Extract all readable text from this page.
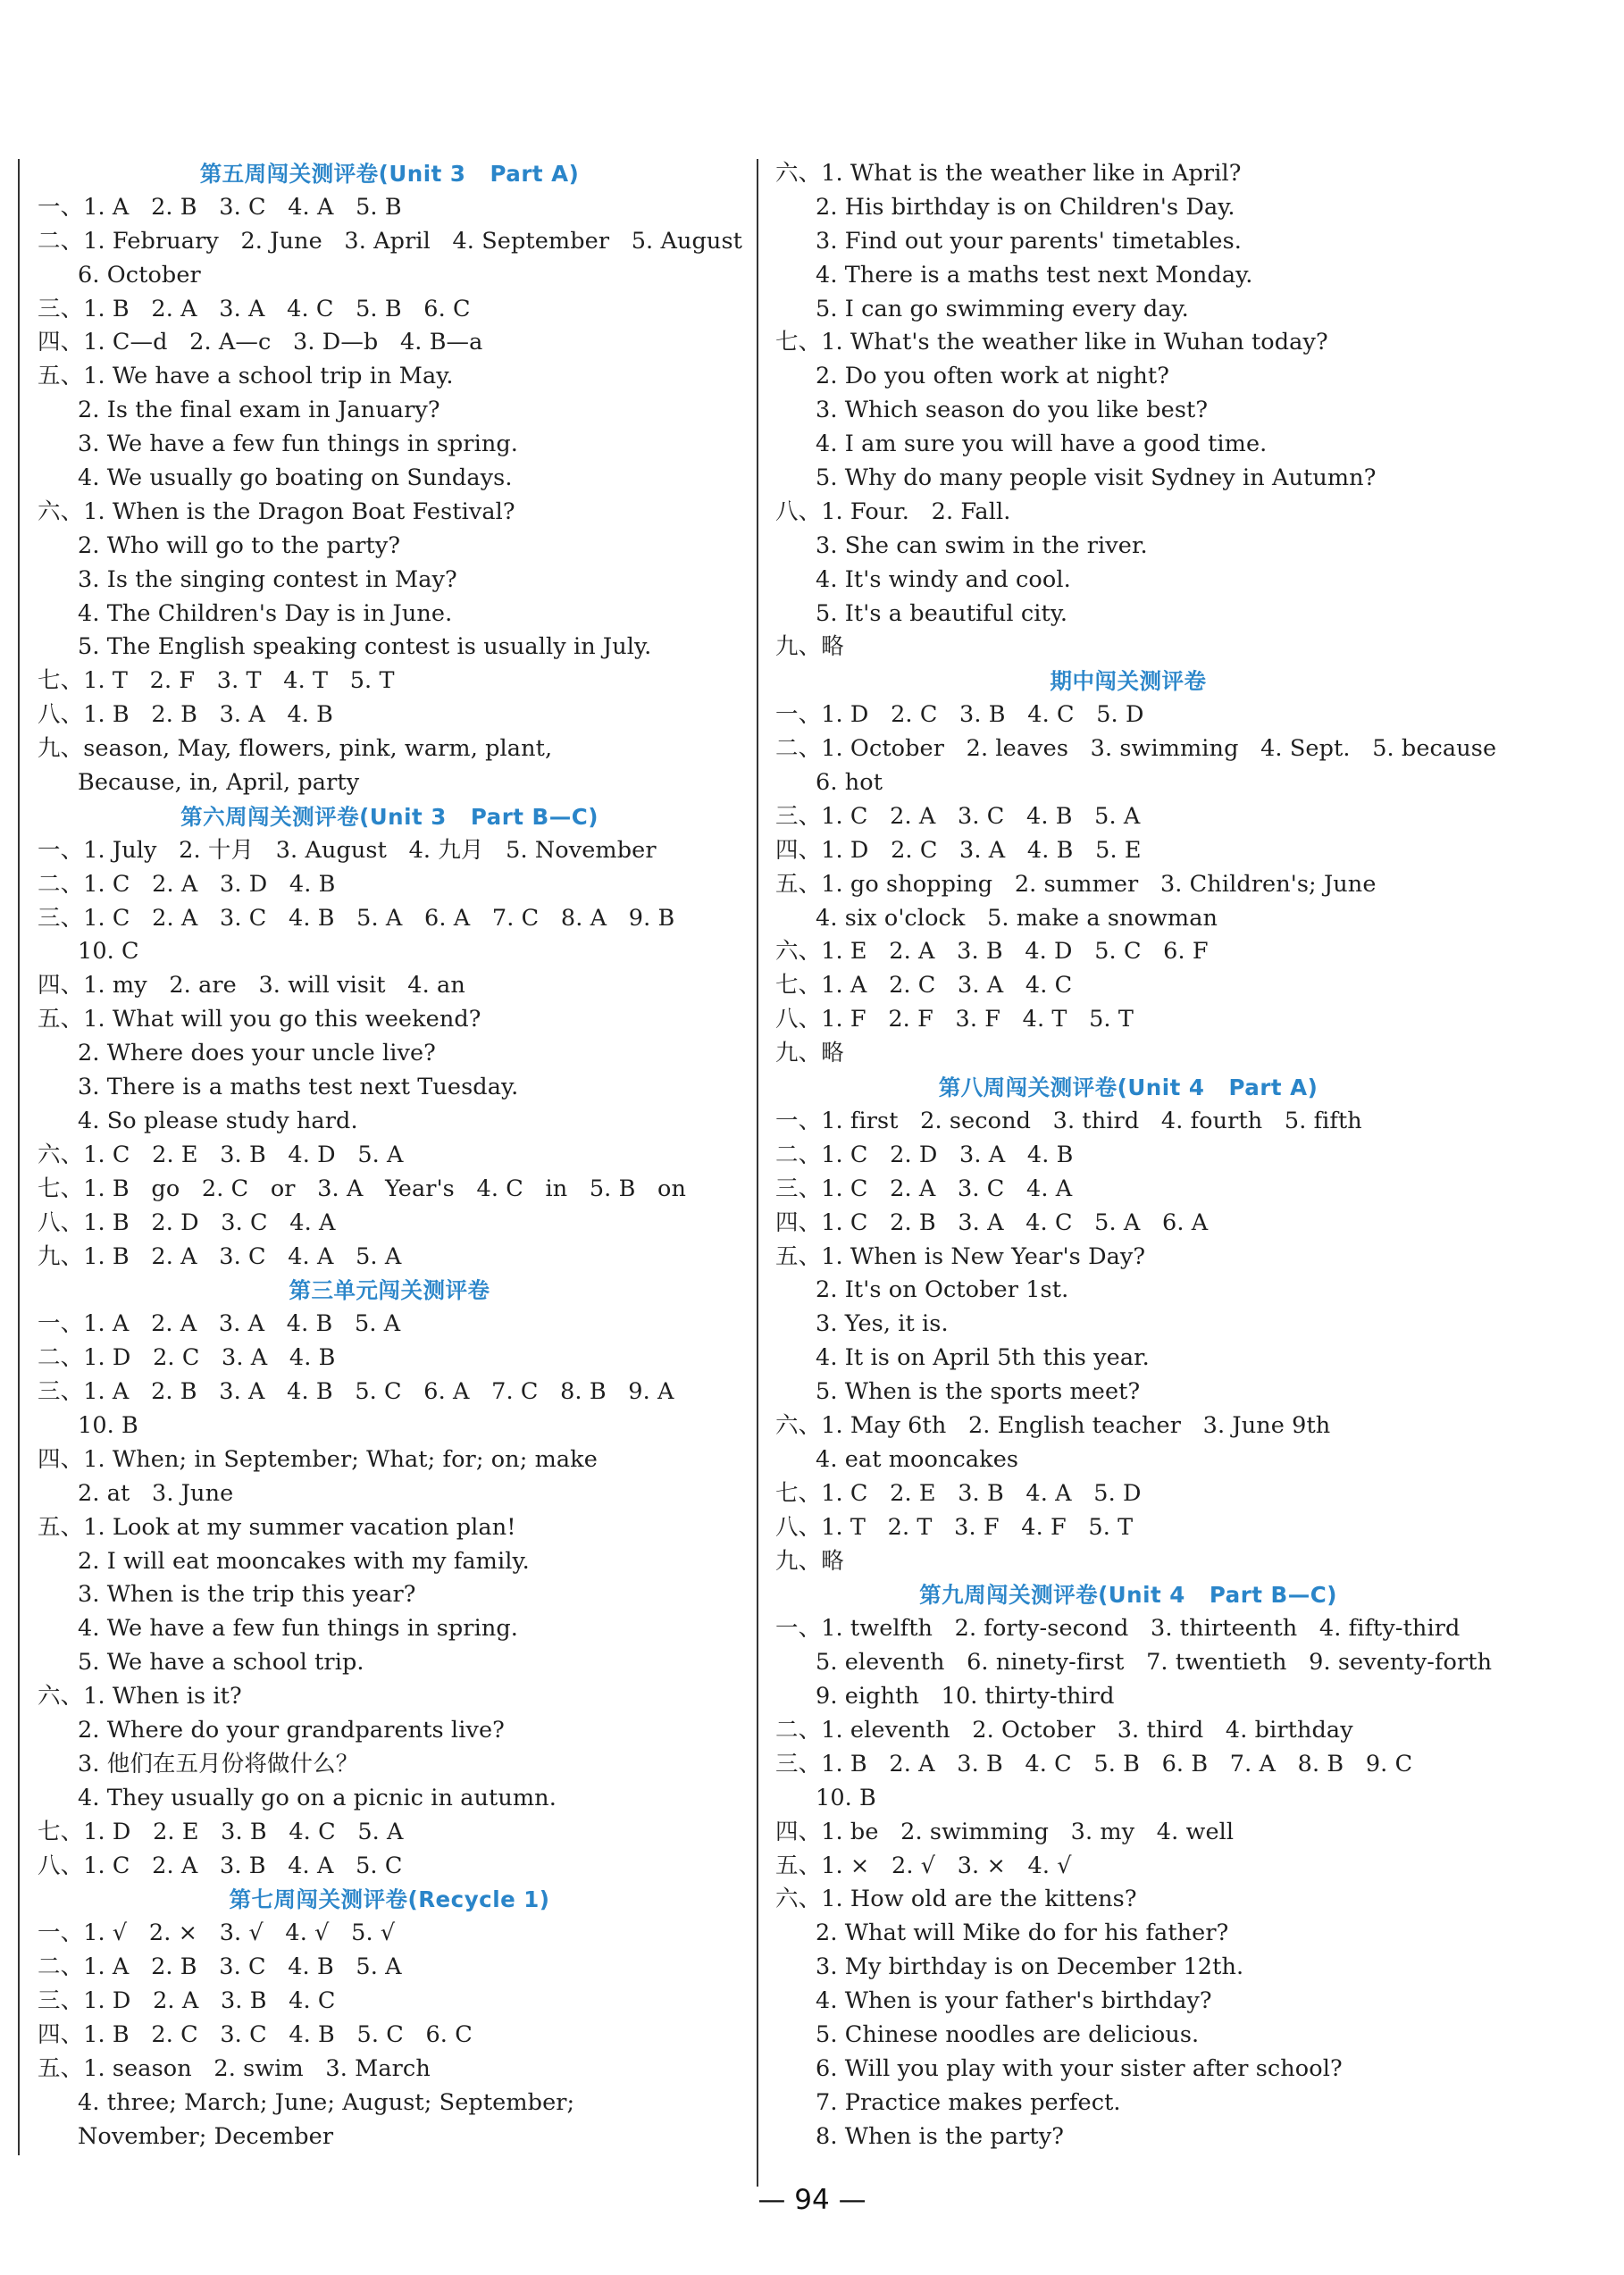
第五周闯关测评卷(Unit 3   Part A)
一、1. A   2. B   3. C   4. A   5. B
二、1. February   2. June   3. April   4. September   5. August
6. October
三、1. B   2. A   3. A   4. C   5. B   6. C
四、1. C—d   2. A—c   3. D—b   4. B—a
五、1. We have a school trip in May.
2. Is the final exam in January?
3. We have a few fun things in spring.
4. We usually go boating on Sundays.
六、1. When is the Dragon Boat Festival?
2. Who will go to the party?
3. Is the singing contest in May?
4. The Children's Day is in June.
5. The English speaking contest is usually in July.
七、1. T   2. F   3. T   4. T   5. T
八、1. B   2. B   3. A   4. B
九、season, May, flowers, pink, warm, plant,
Because, in, April, party
第六周闯关测评卷(Unit 3   Part B—C)
一、1. July   2. 十月   3. August   4. 九月   5. November
二、1. C   2. A   3. D   4. B
三、1. C   2. A   3. C   4. B   5. A   6. A   7. C   8. A   9. B
10. C
四、1. my   2. are   3. will visit   4. an
五、1. What will you go this weekend?
2. Where does your uncle live?
3. There is a maths test next Tuesday.
4. So please study hard.
六、1. C   2. E   3. B   4. D   5. A
七、1. B   go   2. C   or   3. A   Year's   4. C   in   5. B   on
八、1. B   2. D   3. C   4. A
九、1. B   2. A   3. C   4. A   5. A
第三单元闯关测评卷
一、1. A   2. A   3. A   4. B   5. A
二、1. D   2. C   3. A   4. B
三、1. A   2. B   3. A   4. B   5. C   6. A   7. C   8. B   9. A
10. B
四、1. When; in September; What; for; on; make
2. at   3. June
五、1. Look at my summer vacation plan!
2. I will eat mooncakes with my family.
3. When is the trip this year?
4. We have a few fun things in spring.
5. We have a school trip.
六、1. When is it?
2. Where do your grandparents live?
3. 他们在五月份将做什么？
4. They usually go on a picnic in autumn.
七、1. D   2. E   3. B   4. C   5. A
八、1. C   2. A   3. B   4. A   5. C
第七周闯关测评卷(Recycle 1)
一、1. √   2. ×   3. √   4. √   5. √
二、1. A   2. B   3. C   4. B   5. A
三、1. D   2. A   3. B   4. C
四、1. B   2. C   3. C   4. B   5. C   6. C
五、1. season   2. swim   3. March
4. three; March; June; August; September;
November; December
六、1. What is the weather like in April?
2. His birthday is on Children's Day.
3. Find out your parents' timetables.
4. There is a maths test next Monday.
5. I can go swimming every day.
七、1. What's the weather like in Wuhan today?
2. Do you often work at night?
3. Which season do you like best?
4. I am sure you will have a good time.
5. Why do many people visit Sydney in Autumn?
八、1. Four.   2. Fall.
3. She can swim in the river.
4. It's windy and cool.
5. It's a beautiful city.
九、略
期中闯关测评卷
一、1. D   2. C   3. B   4. C   5. D
二、1. October   2. leaves   3. swimming   4. Sept.   5. because
6. hot
三、1. C   2. A   3. C   4. B   5. A
四、1. D   2. C   3. A   4. B   5. E
五、1. go shopping   2. summer   3. Children's; June
4. six o'clock   5. make a snowman
六、1. E   2. A   3. B   4. D   5. C   6. F
七、1. A   2. C   3. A   4. C
八、1. F   2. F   3. F   4. T   5. T
九、略
第八周闯关测评卷(Unit 4   Part A)
一、1. first   2. second   3. third   4. fourth   5. fifth
二、1. C   2. D   3. A   4. B
三、1. C   2. A   3. C   4. A
四、1. C   2. B   3. A   4. C   5. A   6. A
五、1. When is New Year's Day?
2. It's on October 1st.
3. Yes, it is.
4. It is on April 5th this year.
5. When is the sports meet?
六、1. May 6th   2. English teacher   3. June 9th
4. eat mooncakes
七、1. C   2. E   3. B   4. A   5. D
八、1. T   2. T   3. F   4. F   5. T
九、略
第九周闯关测评卷(Unit 4   Part B—C)
一、1. twelfth   2. forty-second   3. thirteenth   4. fifty-third
5. eleventh   6. ninety-first   7. twentieth   9. seventy-forth
9. eighth   10. thirty-third
二、1. eleventh   2. October   3. third   4. birthday
三、1. B   2. A   3. B   4. C   5. B   6. B   7. A   8. B   9. C
10. B
四、1. be   2. swimming   3. my   4. well
五、1. ×   2. √   3. ×   4. √
六、1. How old are the kittens?
2. What will Mike do for his father?
3. My birthday is on December 12th.
4. When is your father's birthday?
5. Chinese noodles are delicious.
6. Will you play with your sister after school?
7. Practice makes perfect.
8. When is the party?
— 94 —
